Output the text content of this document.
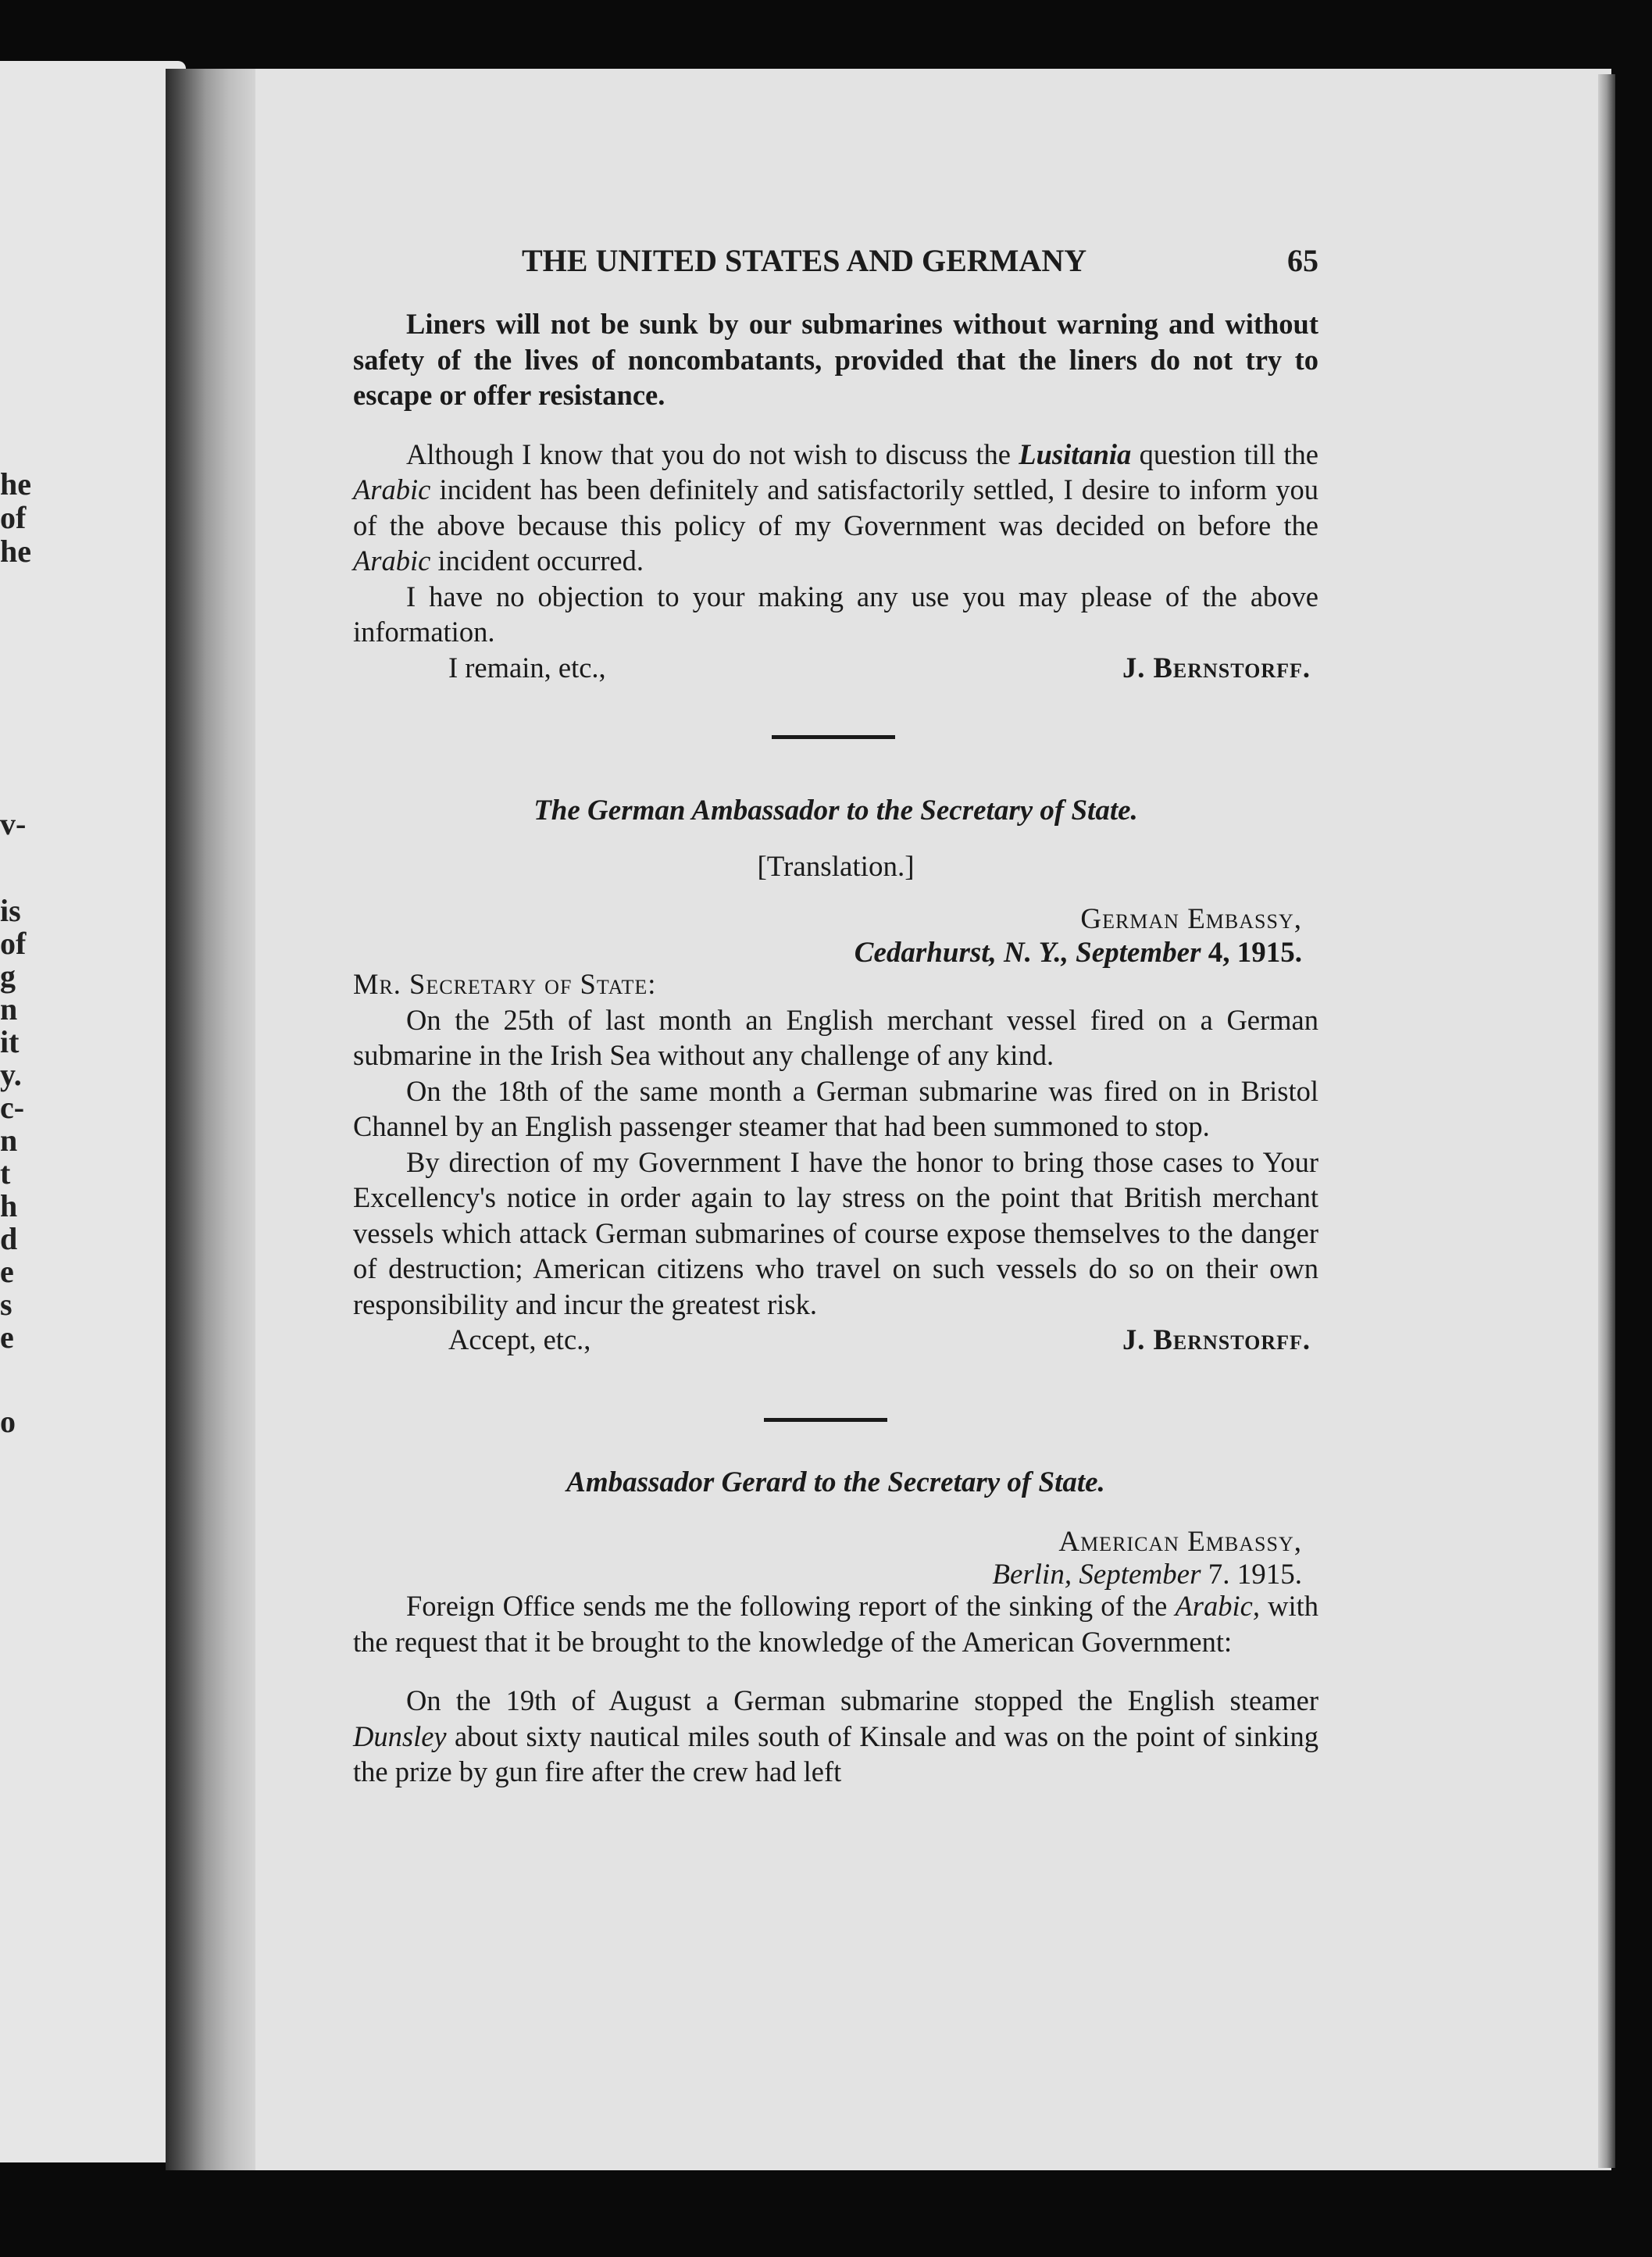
he

of

he

v-

is

of

g

n

it

y.

c-

n

t

h

d

e

s

e

o

THE UNITED STATES AND GERMANY	65

Liners will not be sunk by our submarines without warning and without safety of the lives of noncombatants, provided that the liners do not try to escape or offer resistance.

Although I know that you do not wish to discuss the Lusitania question till the Arabic incident has been definitely and satisfactorily settled, I desire to inform you of the above because this policy of my Government was decided on before the Arabic incident occurred.

I have no objection to your making any use you may please of the above information.

I remain, etc.,	J. Bernstorff.

The German Ambassador to the Secretary of State.

[Translation.]

German Embassy,

Cedarhurst, N. Y., September 4, 1915.

Mr. Secretary of State:

On the 25th of last month an English merchant vessel fired on a German submarine in the Irish Sea without any challenge of any kind.

On the 18th of the same month a German submarine was fired on in Bristol Channel by an English passenger steamer that had been summoned to stop.

By direction of my Government I have the honor to bring those cases to Your Excellency's notice in order again to lay stress on the point that British merchant vessels which attack German submarines of course expose themselves to the danger of destruction; American citizens who travel on such vessels do so on their own responsibility and incur the greatest risk.

Accept, etc.,	J. Bernstorff.

Ambassador Gerard to the Secretary of State.

American Embassy,

Berlin, September 7. 1915.

Foreign Office sends me the following report of the sinking of the Arabic, with the request that it be brought to the knowledge of the American Government:

On the 19th of August a German submarine stopped the English steamer Dunsley about sixty nautical miles south of Kinsale and was on the point of sinking the prize by gun fire after the crew had left
